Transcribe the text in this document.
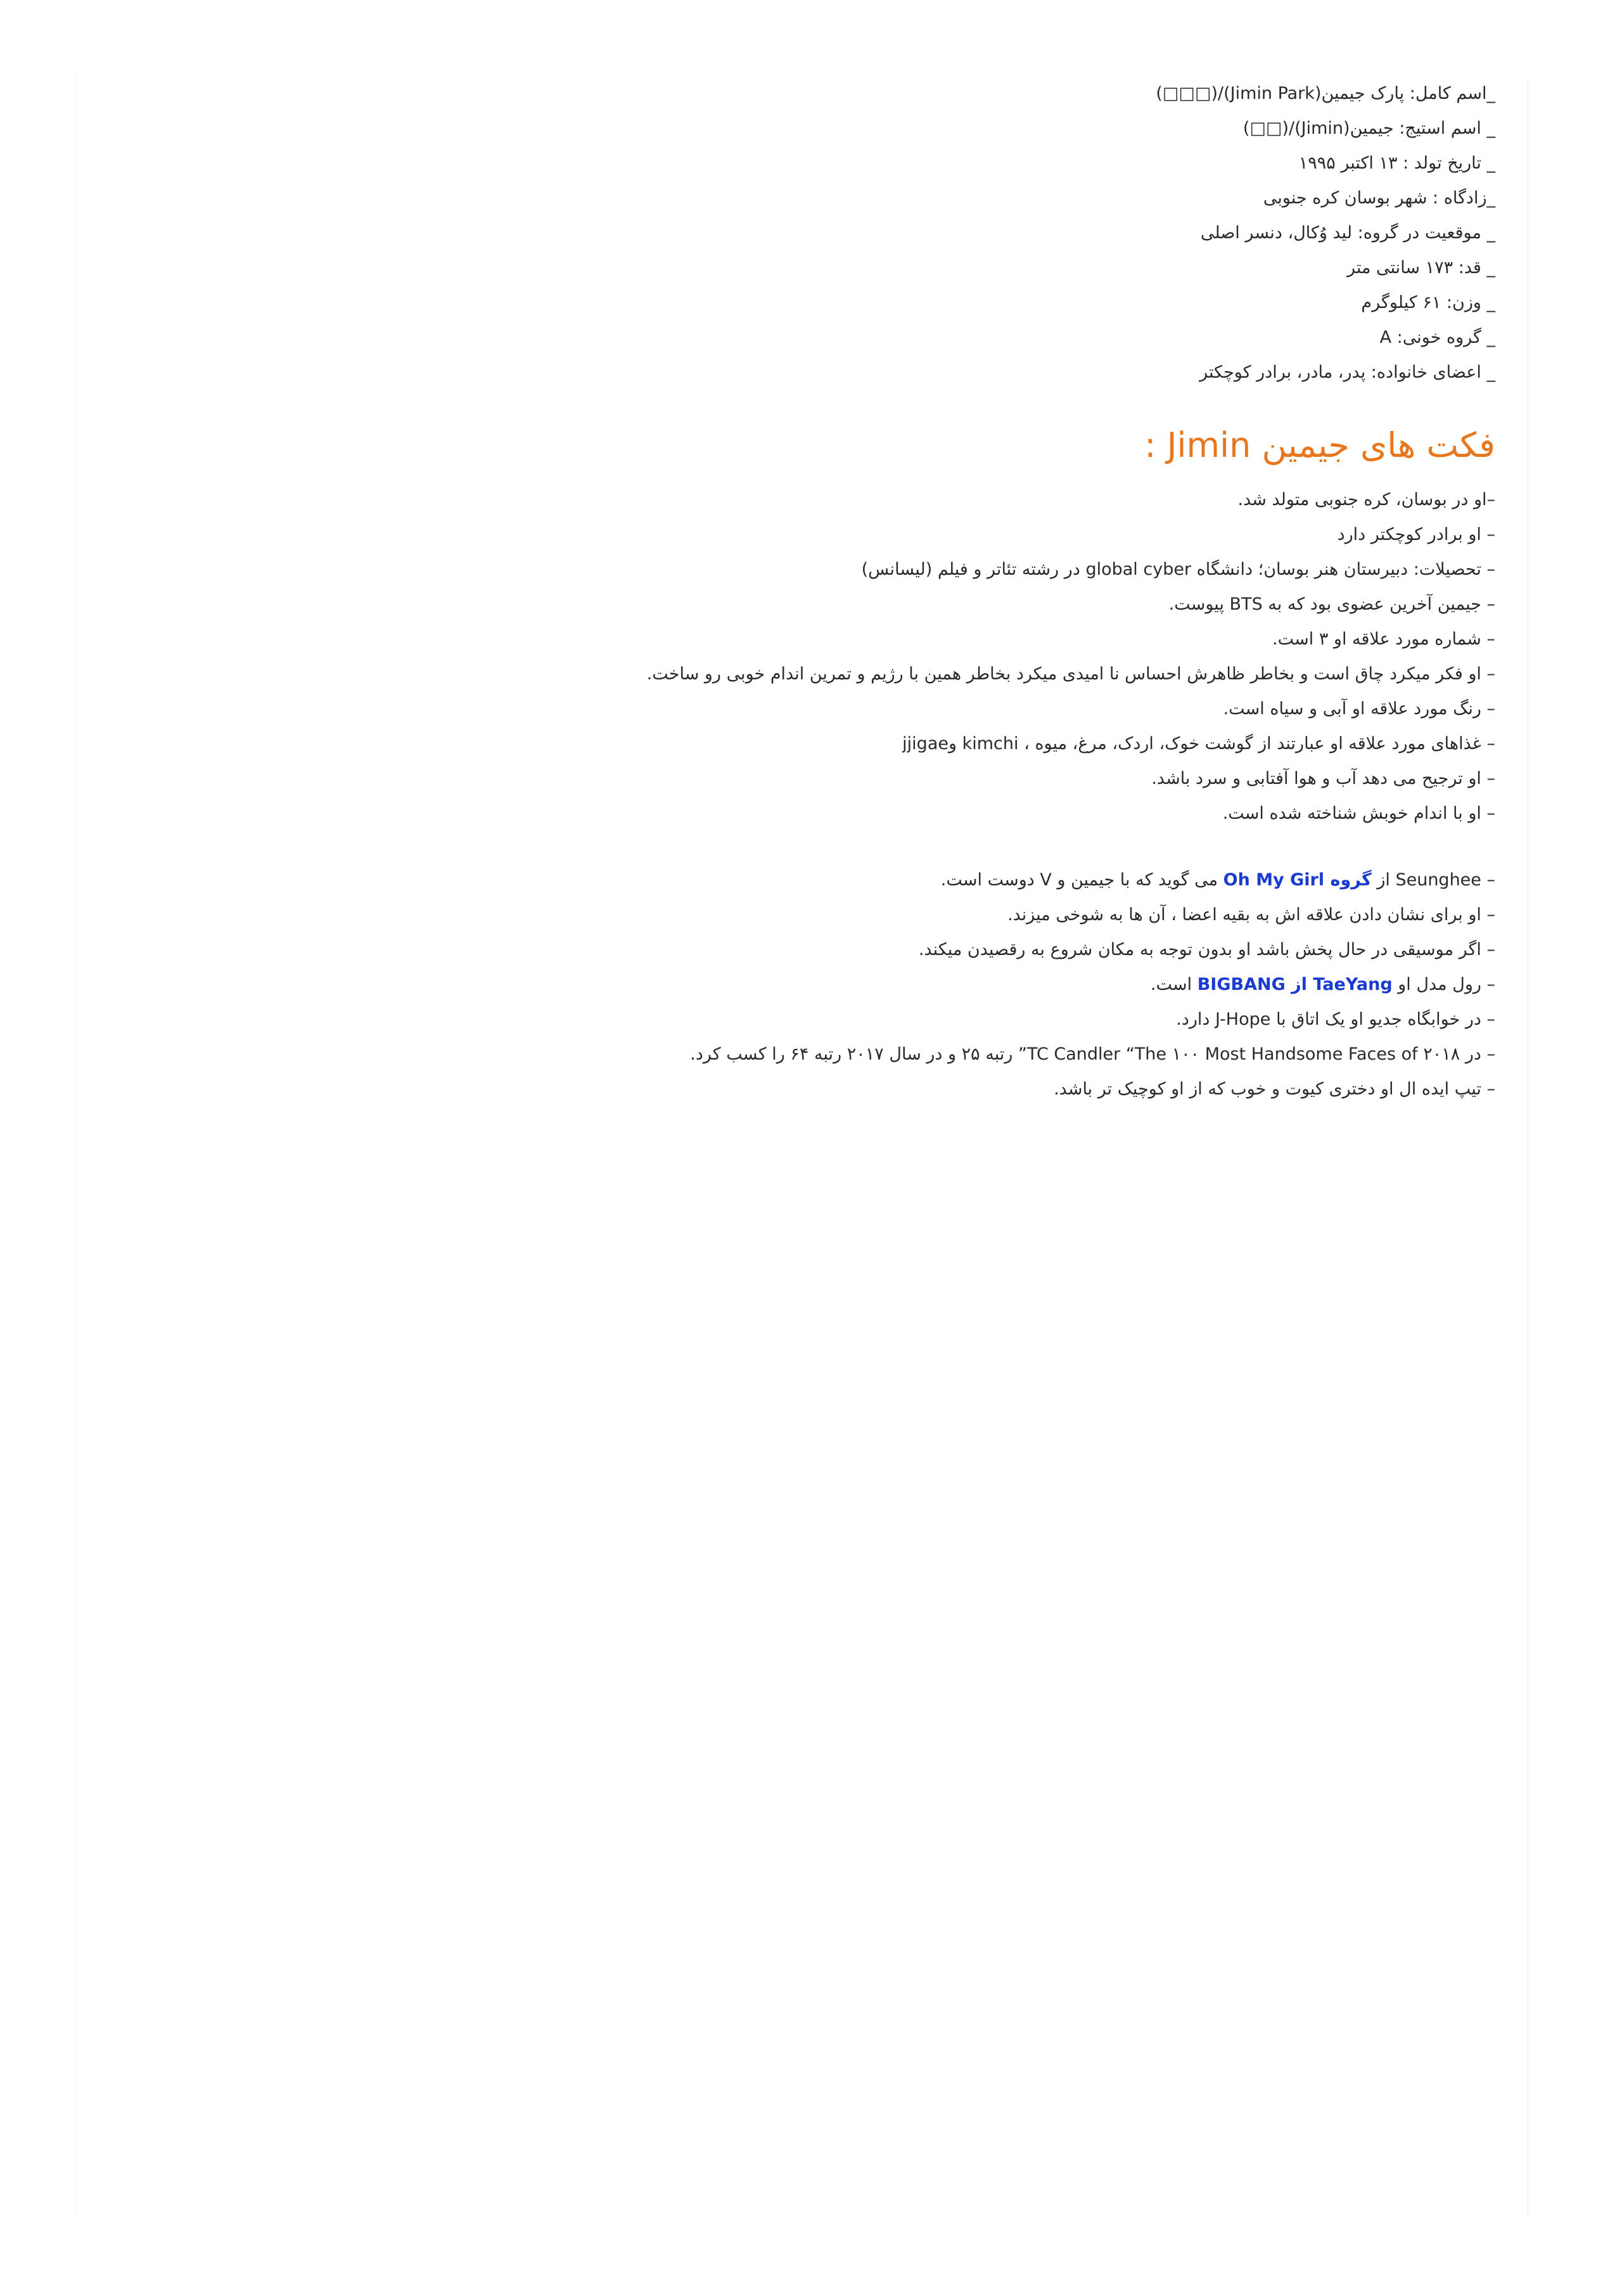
_اسم کامل: پارک جیمین(Jimin Park)/(□□□)
_ اسم استیج: جیمین(Jimin)/(□□)
_ تاریخ تولد : ۱۳ اکتبر ۱۹۹۵
_زادگاه : شهر بوسان کره جنوبی
_ موقعیت در گروه: لید وُکال، دنسر اصلی
_ قد: ۱۷۳ سانتی متر
_ وزن: ۶۱ کیلوگرم
_ گروه خونی: A
_ اعضای خانواده: پدر، مادر، برادر کوچکتر
فکت های جیمین Jimin :
–او در بوسان، کره جنوبی متولد شد.
– او برادر کوچکتر دارد
– تحصیلات: دبیرستان هنر بوسان؛ دانشگاه global cyber در رشته تئاتر و فیلم (لیسانس)
– جیمین آخرین عضوی بود که به BTS پیوست.
– شماره مورد علاقه او ۳ است.
– او فکر میکرد چاق است و بخاطر ظاهرش احساس نا امیدی میکرد بخاطر همین با رژیم و تمرین اندام خوبی رو ساخت.
– رنگ مورد علاقه او آبی و سیاه است.
– غذاهای مورد علاقه او عبارتند از گوشت خوک، اردک، مرغ، میوه ، kimchi وjjigae
– او ترجیح می دهد آب و هوا آفتابی و سرد باشد.
– او با اندام خوبش شناخته شده است.
– Seunghee از گروه Oh My Girl می گوید که با جیمین و V دوست است.
– او برای نشان دادن علاقه اش به بقیه اعضا ، آن ها به شوخی میزند.
– اگر موسیقی در حال پخش باشد او بدون توجه به مکان شروع به رقصیدن میکند.
– رول مدل او TaeYang از BIGBANG است.
– در خوابگاه جدیو او یک اتاق با J-Hope دارد.
– در ۲۰۱۸ TC Candler “The ۱۰۰ Most Handsome Faces of” رتبه ۲۵ و در سال ۲۰۱۷ رتبه ۶۴ را کسب کرد.
– تیپ ایده ال او دختری کیوت و خوب که از او کوچیک تر باشد.
